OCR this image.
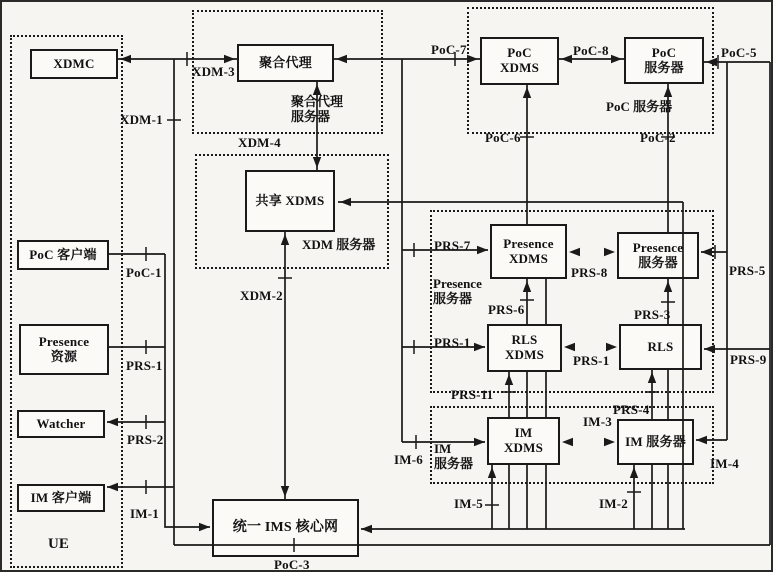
UE
聚合代理
服务器
XDM 服务器
PoC 服务器
Presence
服务器
IM
服务器
XDMC
PoC 客户端
Presence
资源
Watcher
IM 客户端
聚合代理
共享 XDMS
统一 IMS 核心网
PoC
XDMS
PoC
服务器
Presence
XDMS
Presence
服务器
RLS
XDMS
RLS
IM
XDMS	IM 服务器
XDM-3
XDM-1
XDM-4
XDM-2
PoC-7	PoC-8	PoC-5
PoC-6	PoC-2
PoC-1
PRS-1
PRS-2
IM-1
PoC-3
PRS-7
PRS-1
IM-6
PRS-6
PRS-8
PRS-3
PRS-1
PRS-5
PRS-9
PRS-11
PRS-4
IM-3
IM-4
IM-5	IM-2
